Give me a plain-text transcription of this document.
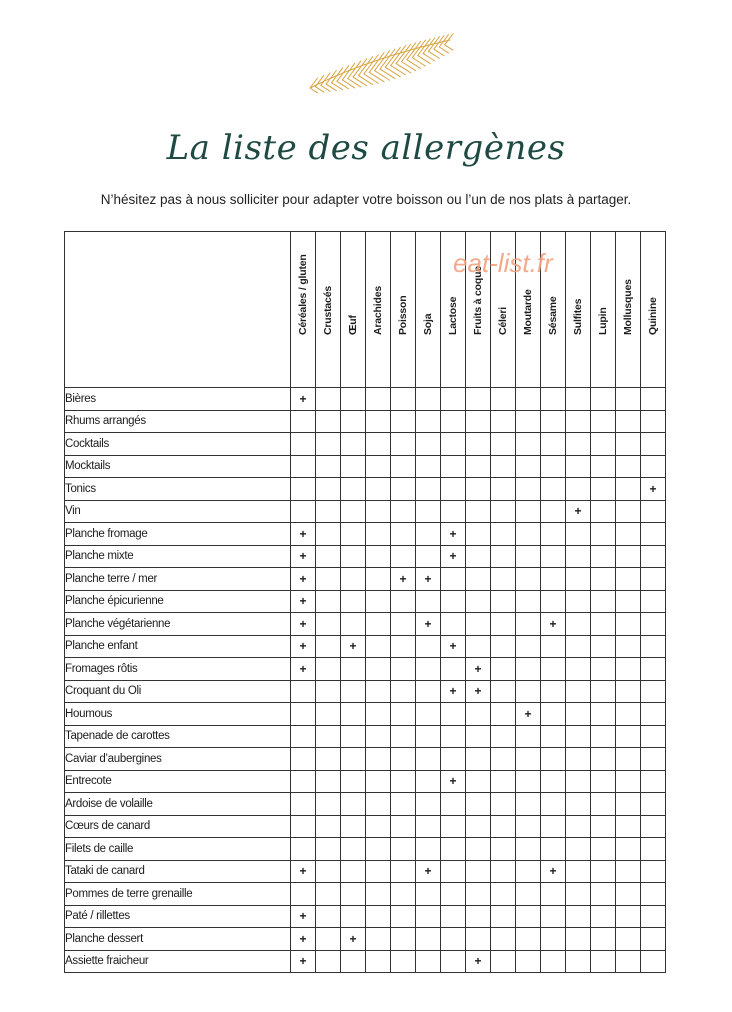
La liste des allergènes
N’hésitez pas à nous solliciter pour adapter votre boisson ou l’un de nos plats à partager.

	Céréales / gluten	Crustacés	Œuf	Arachides	Poisson	Soja	Lactose	Fruits à coque	Céleri	Moutarde	Sésame	Sulfites	Lupin	Mollusques	Quinine

Bières	+														
Rhums arrangés															
Cocktails															
Mocktails															
Tonics															+
Vin												+			
Planche fromage	+						+								
Planche mixte	+						+								
Planche terre / mer	+				+	+									
Planche épicurienne	+														
Planche végétarienne	+					+					+				
Planche enfant	+		+				+								
Fromages rôtis	+							+							
Croquant du Oli							+	+							
Houmous										+					
Tapenade de carottes															
Caviar d’aubergines															
Entrecote							+								
Ardoise de volaille															
Cœurs de canard															
Filets de caille															
Tataki de canard	+					+					+				
Pommes de terre grenaille															
Paté / rillettes	+														
Planche dessert	+		+												
Assiette fraicheur	+							+							
eat-list.fr
